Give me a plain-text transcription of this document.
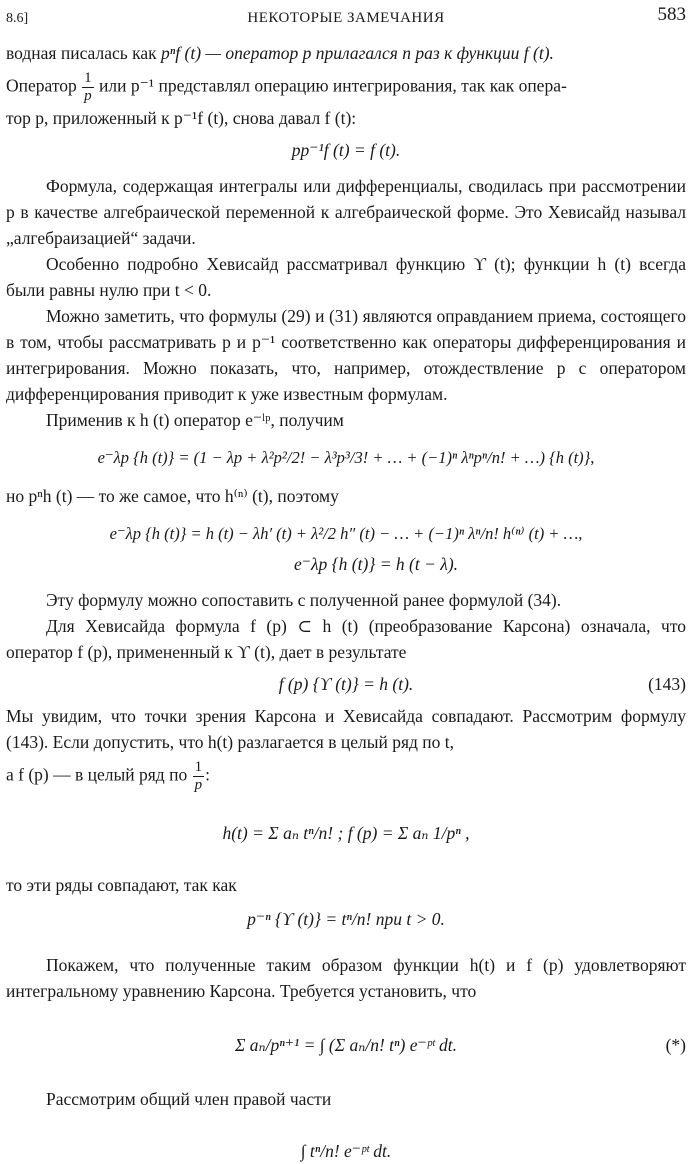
8.6]	НЕКОТОРЫЕ ЗАМЕЧАНИЯ	583

водная писалась как pⁿf (t) — оператор p прилагался n раз к функции f (t).

Оператор $\frac{1}{p}$ или p⁻¹ представлял операцию интегрирования, так как опера-

тор p, приложенный к p⁻¹f (t), снова давал f (t):

pp⁻¹f (t) = f (t).

Формула, содержащая интегралы или дифференциалы, сводилась при рассмотрении p в качестве алгебраической переменной к алгебраической форме. Это Хевисайд называл „алгебраизацией“ задачи.

Особенно подробно Хевисайд рассматривал функцию ϒ (t); функции h (t) всегда были равны нулю при t < 0.

Можно заметить, что формулы (29) и (31) являются оправданием приема, состоящего в том, чтобы рассматривать p и p⁻¹ соответственно как операторы дифференцирования и интегрирования. Можно показать, что, например, отождествление p с оператором дифференцирования приводит к уже известным формулам.

Применив к h (t) оператор e⁻ˡᵖ, получим

e⁻λp {h (t)} = (1 − λp + λ²p²/2! − λ³p³/3! + … + (−1)ⁿ λⁿpⁿ/n! + …) {h (t)},

но pⁿh (t) — то же самое, что h⁽ⁿ⁾ (t), поэтому

e⁻λp {h (t)} = h (t) − λh′ (t) + λ²/2 h″ (t) − … + (−1)ⁿ λⁿ/n! h⁽ⁿ⁾ (t) + …,
e⁻λp {h (t)} = h (t − λ).

Эту формулу можно сопоставить с полученной ранее формулой (34).

Для Хевисайда формула f (p) ⊂ h (t) (преобразование Карсона) означала, что оператор f (p), примененный к ϒ (t), дает в результате

f (p) {ϒ (t)} = h (t).	(143)

Мы увидим, что точки зрения Карсона и Хевисайда совпадают. Рассмотрим формулу (143). Если допустить, что h(t) разлагается в целый ряд по t,

а f (p) — в целый ряд по $\frac{1}{p}$ :

h(t) = Σ aₙ tⁿ/n! ; f (p) = Σ aₙ 1/pⁿ ,

то эти ряды совпадают, так как

p⁻ⁿ {ϒ (t)} = tⁿ/n! при t > 0.

Покажем, что полученные таким образом функции h(t) и f (p) удовлетворяют интегральному уравнению Карсона. Требуется установить, что

Σ aₙ/pⁿ⁺¹ = ∫ (Σ aₙ/n! tⁿ) e⁻ᵖᵗ dt.	(*)

Рассмотрим общий член правой части

∫ tⁿ/n! e⁻ᵖᵗ dt.
